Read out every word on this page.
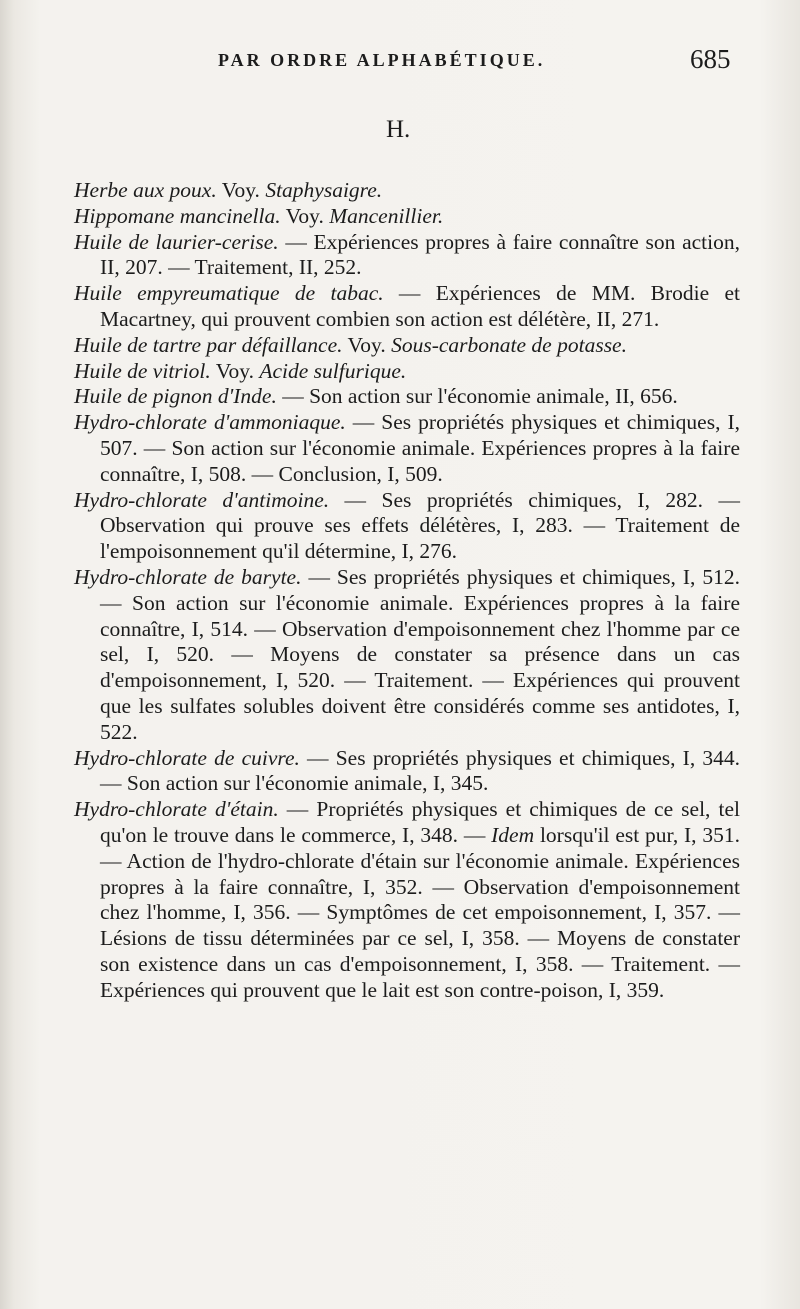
PAR ORDRE ALPHABÉTIQUE.	685
H.

Herbe aux poux. Voy. Staphysaigre.

Hippomane mancinella. Voy. Mancenillier.

Huile de laurier-cerise. — Expériences propres à faire connaître son action, II, 207. — Traitement, II, 252.

Huile empyreumatique de tabac. — Expériences de MM. Brodie et Macartney, qui prouvent combien son action est délétère, II, 271.

Huile de tartre par défaillance. Voy. Sous-carbonate de potasse.

Huile de vitriol. Voy. Acide sulfurique.

Huile de pignon d'Inde. — Son action sur l'économie animale, II, 656.

Hydro-chlorate d'ammoniaque. — Ses propriétés physiques et chimiques, I, 507. — Son action sur l'économie animale. Expériences propres à la faire connaître, I, 508. — Conclusion, I, 509.

Hydro-chlorate d'antimoine. — Ses propriétés chimiques, I, 282. — Observation qui prouve ses effets délétères, I, 283. — Traitement de l'empoisonnement qu'il détermine, I, 276.

Hydro-chlorate de baryte. — Ses propriétés physiques et chimiques, I, 512. — Son action sur l'économie animale. Expériences propres à la faire connaître, I, 514. — Observation d'empoisonnement chez l'homme par ce sel, I, 520. — Moyens de constater sa présence dans un cas d'empoisonnement, I, 520. — Traitement. — Expériences qui prouvent que les sulfates solubles doivent être considérés comme ses antidotes, I, 522.

Hydro-chlorate de cuivre. — Ses propriétés physiques et chimiques, I, 344. — Son action sur l'économie animale, I, 345.

Hydro-chlorate d'étain. — Propriétés physiques et chimiques de ce sel, tel qu'on le trouve dans le commerce, I, 348. — Idem lorsqu'il est pur, I, 351. — Action de l'hydro-chlorate d'étain sur l'économie animale. Expériences propres à la faire connaître, I, 352. — Observation d'empoisonnement chez l'homme, I, 356. — Symptômes de cet empoisonnement, I, 357. — Lésions de tissu déterminées par ce sel, I, 358. — Moyens de constater son existence dans un cas d'empoisonnement, I, 358. — Traitement. — Expériences qui prouvent que le lait est son contre-poison, I, 359.
